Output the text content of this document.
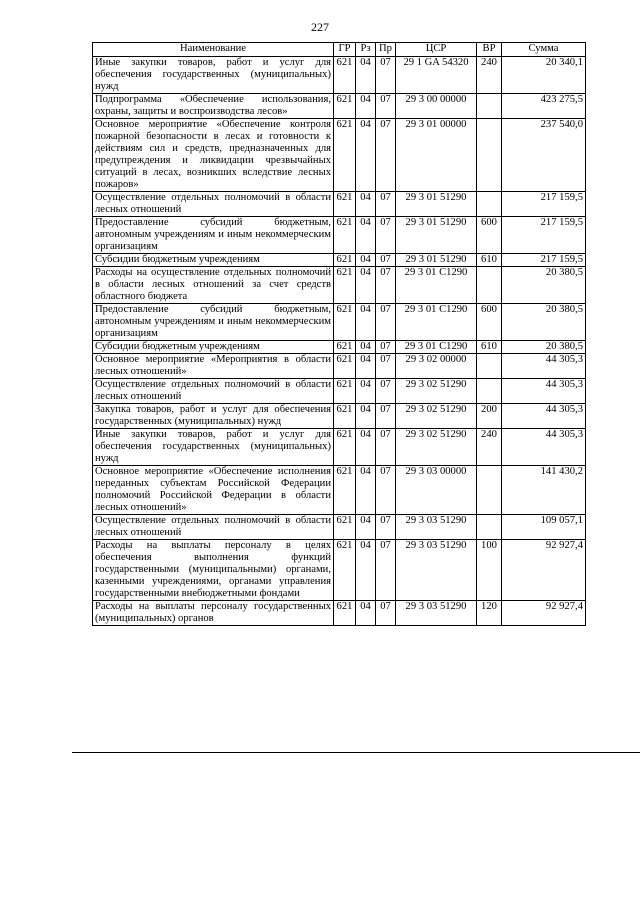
227
Наименование	ГР	Рз	Пр	ЦСР	ВР	Сумма
Иные закупки товаров, работ и услуг для обеспечения государственных (муниципальных) нужд	621	04	07	29 1 GA 54320	240	20 340,1
Подпрограмма «Обеспечение использования, охраны, защиты и воспроизводства лесов»	621	04	07	29 3 00 00000		423 275,5
Основное мероприятие «Обеспечение контроля пожарной безопасности в лесах и готовности к действиям сил и средств, предназначенных для предупреждения и ликвидации чрезвычайных ситуаций в лесах, возникших вследствие лесных пожаров»	621	04	07	29 3 01 00000		237 540,0
Осуществление отдельных полномочий в области лесных отношений	621	04	07	29 3 01 51290		217 159,5
Предоставление субсидий бюджетным, автономным учреждениям и иным некоммерческим организациям	621	04	07	29 3 01 51290	600	217 159,5
Субсидии бюджетным учреждениям	621	04	07	29 3 01 51290	610	217 159,5
Расходы на осуществление отдельных полномочий в области лесных отношений за счет средств областного бюджета	621	04	07	29 3 01 C1290		20 380,5
Предоставление субсидий бюджетным, автономным учреждениям и иным некоммерческим организациям	621	04	07	29 3 01 C1290	600	20 380,5
Субсидии бюджетным учреждениям	621	04	07	29 3 01 C1290	610	20 380,5
Основное мероприятие «Мероприятия в области лесных отношений»	621	04	07	29 3 02 00000		44 305,3
Осуществление отдельных полномочий в области лесных отношений	621	04	07	29 3 02 51290		44 305,3
Закупка товаров, работ и услуг для обеспечения государственных (муниципальных) нужд	621	04	07	29 3 02 51290	200	44 305,3
Иные закупки товаров, работ и услуг для обеспечения государственных (муниципальных) нужд	621	04	07	29 3 02 51290	240	44 305,3
Основное мероприятие «Обеспечение исполнения переданных субъектам Российской Федерации полномочий Российской Федерации в области лесных отношений»	621	04	07	29 3 03 00000		141 430,2
Осуществление отдельных полномочий в области лесных отношений	621	04	07	29 3 03 51290		109 057,1
Расходы на выплаты персоналу в целях обеспечения выполнения функций государственными (муниципальными) органами, казенными учреждениями, органами управления государственными внебюджетными фондами	621	04	07	29 3 03 51290	100	92 927,4
Расходы на выплаты персоналу государственных (муниципальных) органов	621	04	07	29 3 03 51290	120	92 927,4
